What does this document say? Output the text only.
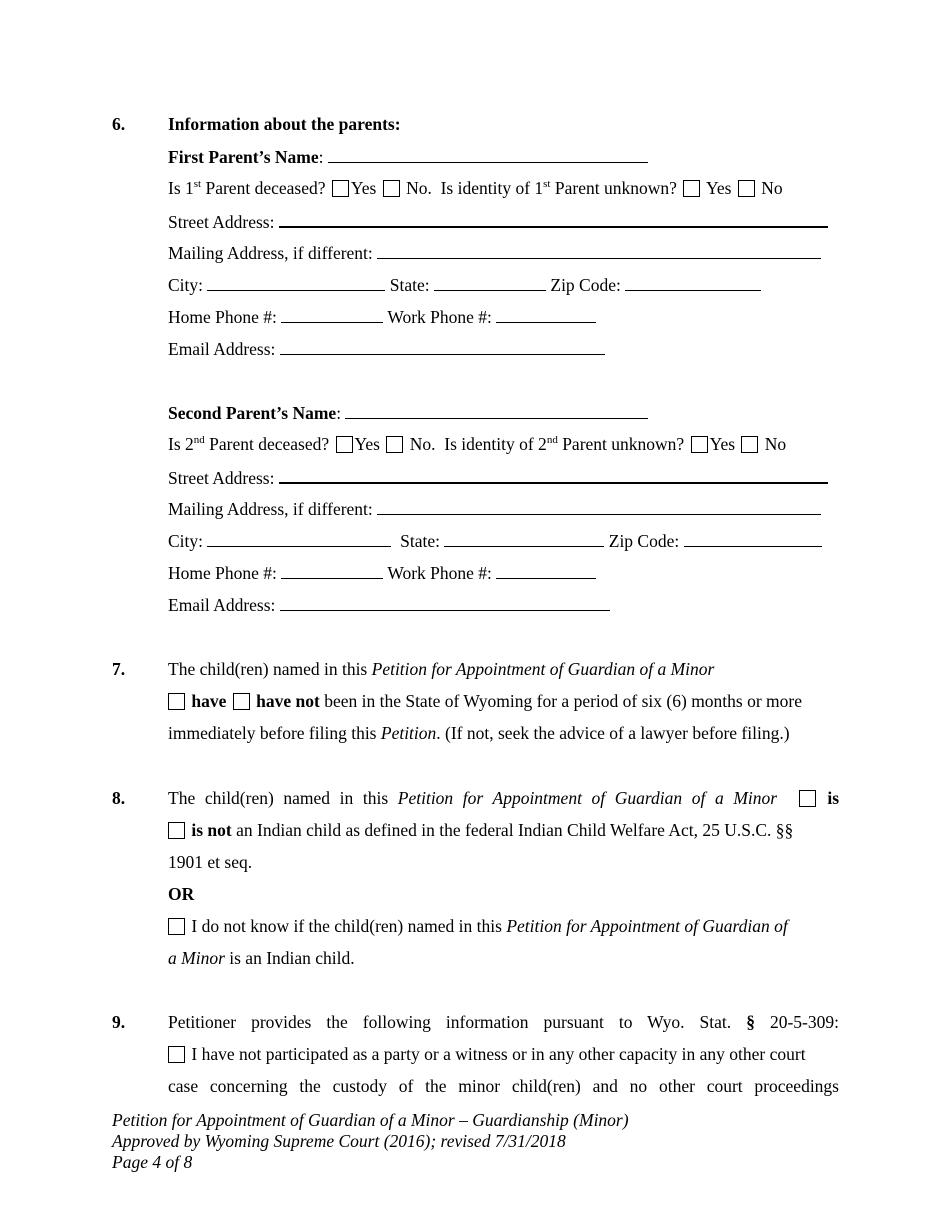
6. Information about the parents:
First Parent’s Name:
Is 1st Parent deceased? Yes No. Is identity of 1st Parent unknown? Yes No
Street Address:
Mailing Address, if different:
City:	State:	Zip Code:
Home Phone #:	Work Phone #:
Email Address:
Second Parent’s Name:
Is 2nd Parent deceased? Yes No. Is identity of 2nd Parent unknown? Yes No
Street Address:
Mailing Address, if different:
City:	State:	Zip Code:
Home Phone #:	Work Phone #:
Email Address:
7. The child(ren) named in this Petition for Appointment of Guardian of a Minor
have have not been in the State of Wyoming for a period of six (6) months or more
immediately before filing this Petition. (If not, seek the advice of a lawyer before filing.)
8. The child(ren) named in this Petition for Appointment of Guardian of a Minor	is
is not an Indian child as defined in the federal Indian Child Welfare Act, 25 U.S.C. §§
1901 et seq.
OR
I do not know if the child(ren) named in this Petition for Appointment of Guardian of
a Minor is an Indian child.
9. Petitioner provides the following information pursuant to Wyo. Stat. § 20-5-309:
I have not participated as a party or a witness or in any other capacity in any other court
case concerning the custody of the minor child(ren) and no other court proceedings
Petition for Appointment of Guardian of a Minor – Guardianship (Minor)
Approved by Wyoming Supreme Court (2016); revised 7/31/2018
Page 4 of 8
